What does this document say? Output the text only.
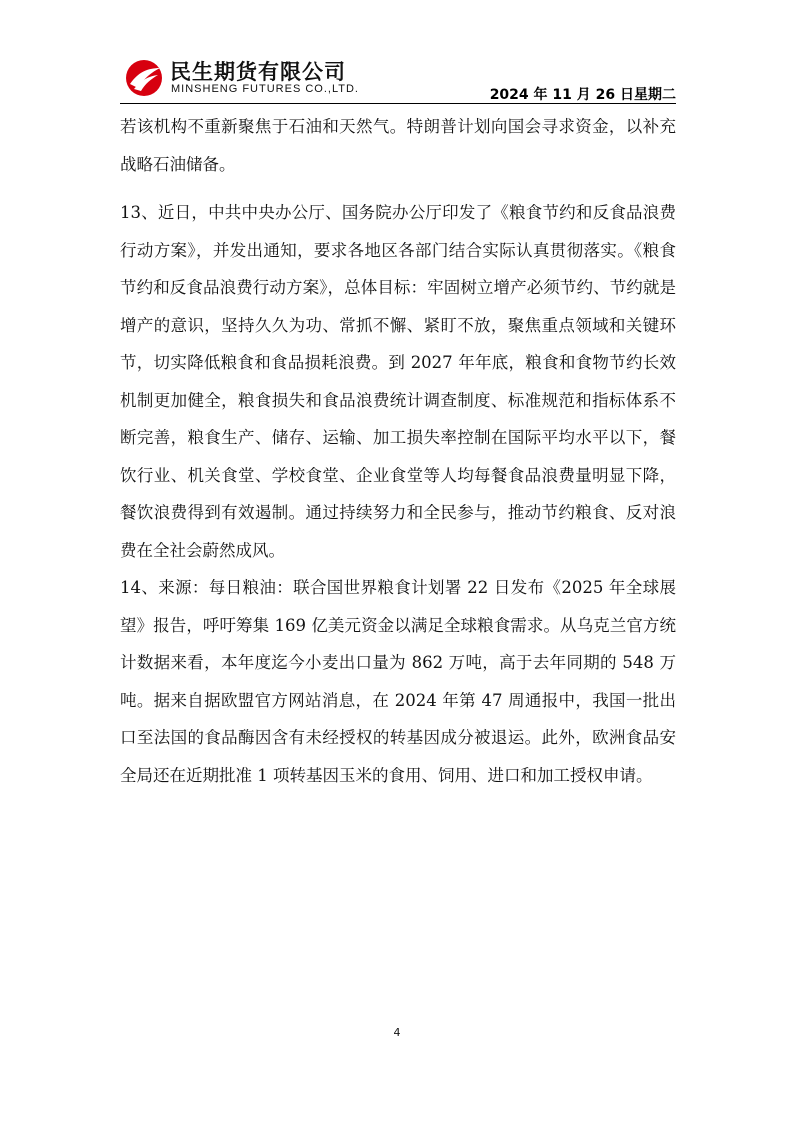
民生期货有限公司
MINSHENG FUTURES CO.,LTD.	2024 年 11 月 26 日星期二

若该机构不重新聚焦于石油和天然气。特朗普计划向国会寻求资金，以补充战略石油储备。

13、近日，中共中央办公厅、国务院办公厅印发了《粮食节约和反食品浪费行动方案》，并发出通知，要求各地区各部门结合实际认真贯彻落实。《粮食节约和反食品浪费行动方案》，总体目标：牢固树立增产必须节约、节约就是增产的意识，坚持久久为功、常抓不懈、紧盯不放，聚焦重点领域和关键环节，切实降低粮食和食品损耗浪费。到 2027 年年底，粮食和食物节约长效机制更加健全，粮食损失和食品浪费统计调查制度、标准规范和指标体系不断完善，粮食生产、储存、运输、加工损失率控制在国际平均水平以下，餐饮行业、机关食堂、学校食堂、企业食堂等人均每餐食品浪费量明显下降，餐饮浪费得到有效遏制。通过持续努力和全民参与，推动节约粮食、反对浪费在全社会蔚然成风。

14、来源：每日粮油：联合国世界粮食计划署 22 日发布《2025 年全球展望》报告，呼吁筹集 169 亿美元资金以满足全球粮食需求。从乌克兰官方统计数据来看，本年度迄今小麦出口量为 862 万吨，高于去年同期的 548 万吨。据来自据欧盟官方网站消息，在 2024 年第 47 周通报中，我国一批出口至法国的食品酶因含有未经授权的转基因成分被退运。此外，欧洲食品安全局还在近期批准 1 项转基因玉米的食用、饲用、进口和加工授权申请。

4
